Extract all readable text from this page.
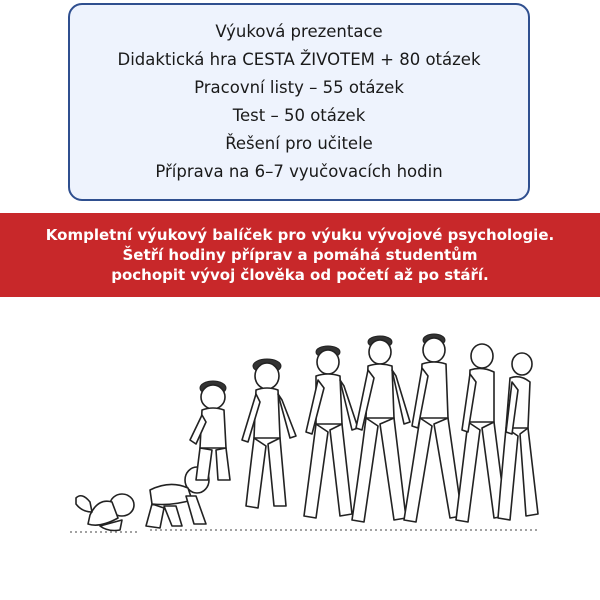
Výuková prezentace
Didaktická hra CESTA ŽIVOTEM + 80 otázek
Pracovní listy – 55 otázek
Test – 50 otázek
Řešení pro učitele
Příprava na 6–7 vyučovacích hodin
Kompletní výukový balíček pro výuku vývojové psychologie.
Šetří hodiny příprav a pomáhá studentům
pochopit vývoj člověka od početí až po stáří.
